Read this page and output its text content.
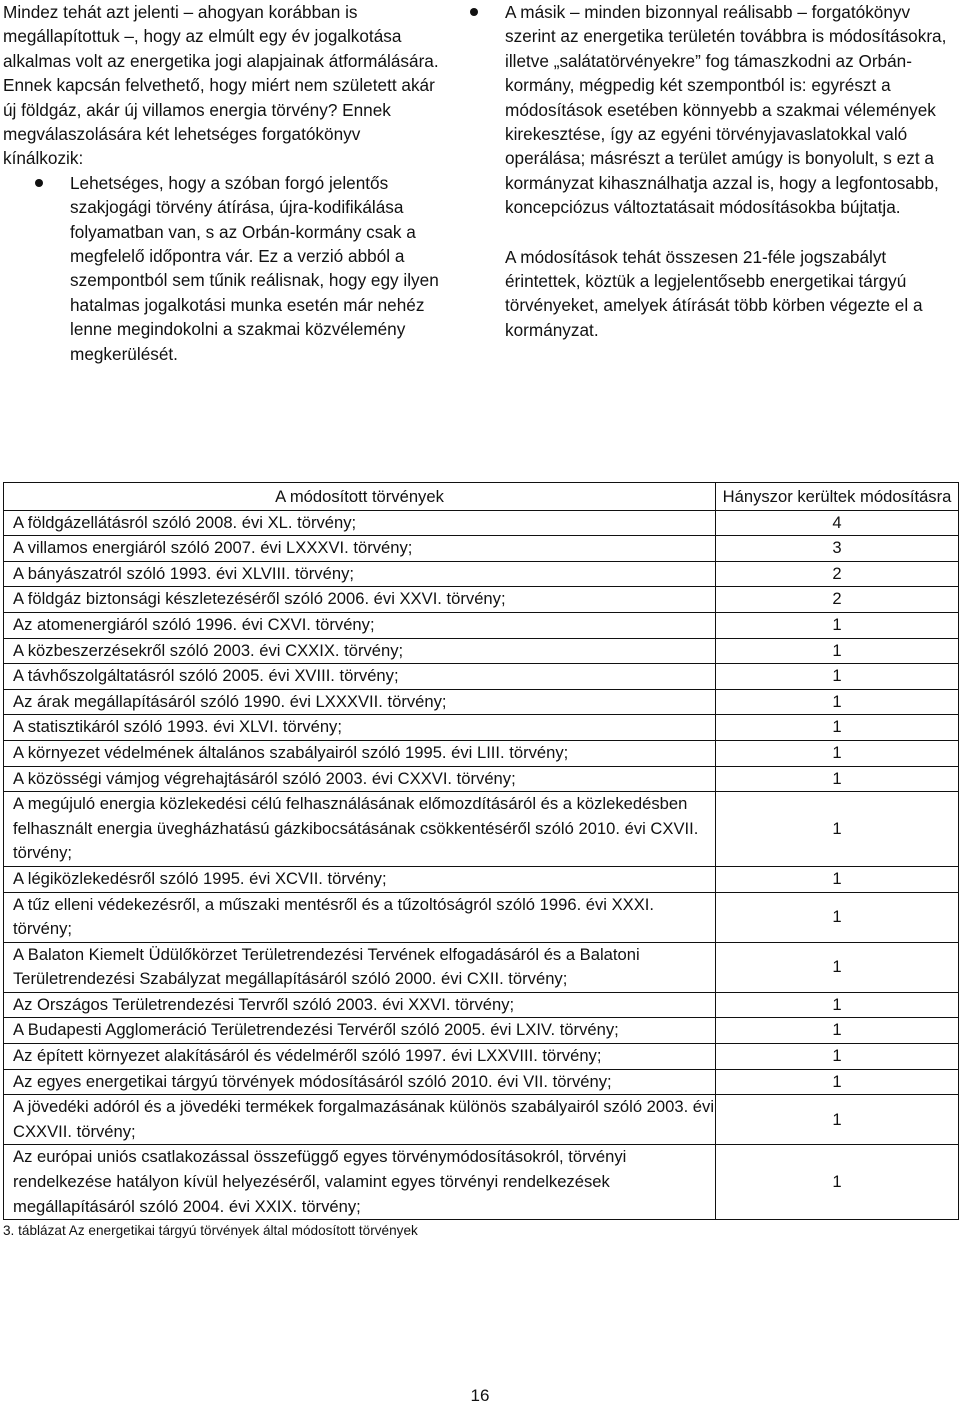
Mindez tehát azt jelenti – ahogyan korábban is megállapítottuk –, hogy az elmúlt egy év jogalkotása alkalmas volt az energetika jogi alapjainak átformálására. Ennek kapcsán felvethető, hogy miért nem született akár új földgáz, akár új villamos energia törvény? Ennek megválaszolására két lehetséges forgatókönyv kínálkozik:

Lehetséges, hogy a szóban forgó jelentős szakjogági törvény átírása, újra-kodifikálása folyamatban van, s az Orbán-kormány csak a megfelelő időpontra vár. Ez a verzió abból a szempontból sem tűnik reálisnak, hogy egy ilyen hatalmas jogalkotási munka esetén már nehéz lenne megindokolni a szakmai közvélemény megkerülését.
A másik – minden bizonnyal reálisabb – forgatókönyv szerint az energetika területén továbbra is módosításokra, illetve „salátatörvényekre” fog támaszkodni az Orbán-kormány, mégpedig két szempontból is: egyrészt a módosítások esetében könnyebb a szakmai vélemények kirekesztése, így az egyéni törvényjavaslatokkal való operálása; másrészt a terület amúgy is bonyolult, s ezt a kormányzat kihasználhatja azzal is, hogy a legfontosabb, koncepciózus változtatásait módosításokba bújtatja.

A módosítások tehát összesen 21-féle jogszabályt érintettek, köztük a legjelentősebb energetikai tárgyú törvényeket, amelyek átírását több körben végezte el a kormányzat.

A módosított törvények	Hányszor kerültek módosításra
A földgázellátásról szóló 2008. évi XL. törvény;	4
A villamos energiáról szóló 2007. évi LXXXVI. törvény;	3
A bányászatról szóló 1993. évi XLVIII. törvény;	2
A földgáz biztonsági készletezéséről szóló 2006. évi XXVI. törvény;	2
Az atomenergiáról szóló 1996. évi CXVI. törvény;	1
A közbeszerzésekről szóló 2003. évi CXXIX. törvény;	1
A távhőszolgáltatásról szóló 2005. évi XVIII. törvény;	1
Az árak megállapításáról szóló 1990. évi LXXXVII. törvény;	1
A statisztikáról szóló 1993. évi XLVI. törvény;	1
A környezet védelmének általános szabályairól szóló 1995. évi LIII. törvény;	1
A közösségi vámjog végrehajtásáról szóló 2003. évi CXXVI. törvény;	1
A megújuló energia közlekedési célú felhasználásának előmozdításáról és a közlekedésben felhasznált energia üvegházhatású gázkibocsátásának csökkentéséről szóló 2010. évi CXVII. törvény;	1
A légiközlekedésről szóló 1995. évi XCVII. törvény;	1
A tűz elleni védekezésről, a műszaki mentésről és a tűzoltóságról szóló 1996. évi XXXI. törvény;	1
A Balaton Kiemelt Üdülőkörzet Területrendezési Tervének elfogadásáról és a Balatoni Területrendezési Szabályzat megállapításáról szóló 2000. évi CXII. törvény;	1
Az Országos Területrendezési Tervről szóló 2003. évi XXVI. törvény;	1
A Budapesti Agglomeráció Területrendezési Tervéről szóló 2005. évi LXIV. törvény;	1
Az épített környezet alakításáról és védelméről szóló 1997. évi LXXVIII. törvény;	1
Az egyes energetikai tárgyú törvények módosításáról szóló 2010. évi VII. törvény;	1
A jövedéki adóról és a jövedéki termékek forgalmazásának különös szabályairól szóló 2003. évi CXXVII. törvény;	1
Az európai uniós csatlakozással összefüggő egyes törvénymódosításokról, törvényi rendelkezése hatályon kívül helyezéséről, valamint egyes törvényi rendelkezések megállapításáról szóló 2004. évi XXIX. törvény;	1
3. táblázat Az energetikai tárgyú törvények által módosított törvények
16
